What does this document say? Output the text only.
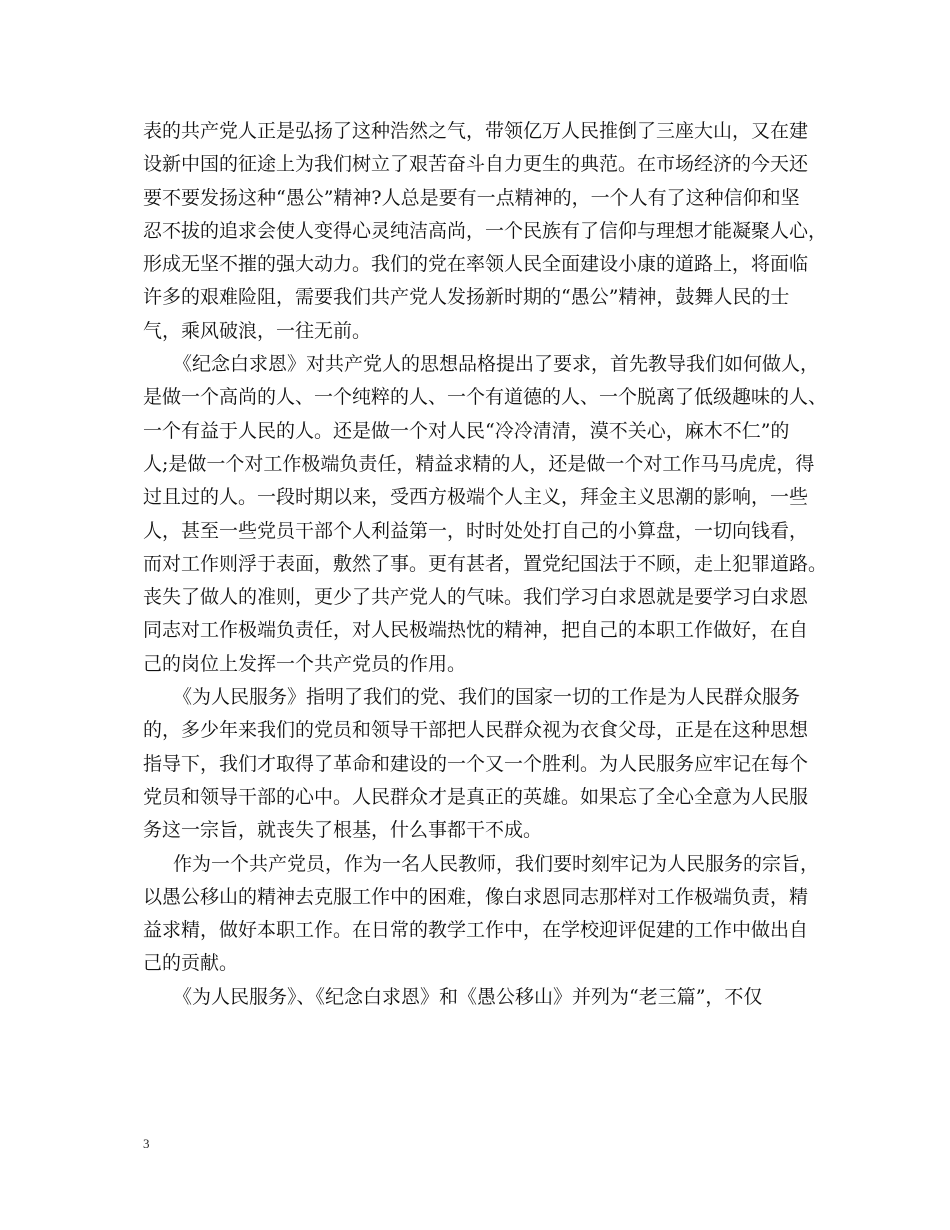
表的共产党人正是弘扬了这种浩然之气，带领亿万人民推倒了三座大山，又在建
设新中国的征途上为我们树立了艰苦奋斗自力更生的典范。在市场经济的今天还
要不要发扬这种“愚公”精神?人总是要有一点精神的，一个人有了这种信仰和坚
忍不拔的追求会使人变得心灵纯洁高尚，一个民族有了信仰与理想才能凝聚人心，
形成无坚不摧的强大动力。我们的党在率领人民全面建设小康的道路上，将面临
许多的艰难险阻，需要我们共产党人发扬新时期的“愚公”精神，鼓舞人民的士
气，乘风破浪，一往无前。
《纪念白求恩》对共产党人的思想品格提出了要求，首先教导我们如何做人，
是做一个高尚的人、一个纯粹的人、一个有道德的人、一个脱离了低级趣味的人、
一个有益于人民的人。还是做一个对人民“冷冷清清，漠不关心，麻木不仁”的
人;是做一个对工作极端负责任，精益求精的人，还是做一个对工作马马虎虎，得
过且过的人。一段时期以来，受西方极端个人主义，拜金主义思潮的影响，一些
人，甚至一些党员干部个人利益第一，时时处处打自己的小算盘，一切向钱看，
而对工作则浮于表面，敷然了事。更有甚者，置党纪国法于不顾，走上犯罪道路。
丧失了做人的准则，更少了共产党人的气味。我们学习白求恩就是要学习白求恩
同志对工作极端负责任，对人民极端热忱的精神，把自己的本职工作做好，在自
己的岗位上发挥一个共产党员的作用。
《为人民服务》指明了我们的党、我们的国家一切的工作是为人民群众服务
的，多少年来我们的党员和领导干部把人民群众视为衣食父母，正是在这种思想
指导下，我们才取得了革命和建设的一个又一个胜利。为人民服务应牢记在每个
党员和领导干部的心中。人民群众才是真正的英雄。如果忘了全心全意为人民服
务这一宗旨，就丧失了根基，什么事都干不成。
作为一个共产党员，作为一名人民教师，我们要时刻牢记为人民服务的宗旨，
以愚公移山的精神去克服工作中的困难，像白求恩同志那样对工作极端负责，精
益求精，做好本职工作。在日常的教学工作中，在学校迎评促建的工作中做出自
己的贡献。
《为人民服务》、《纪念白求恩》和《愚公移山》并列为“老三篇”，不仅
3
